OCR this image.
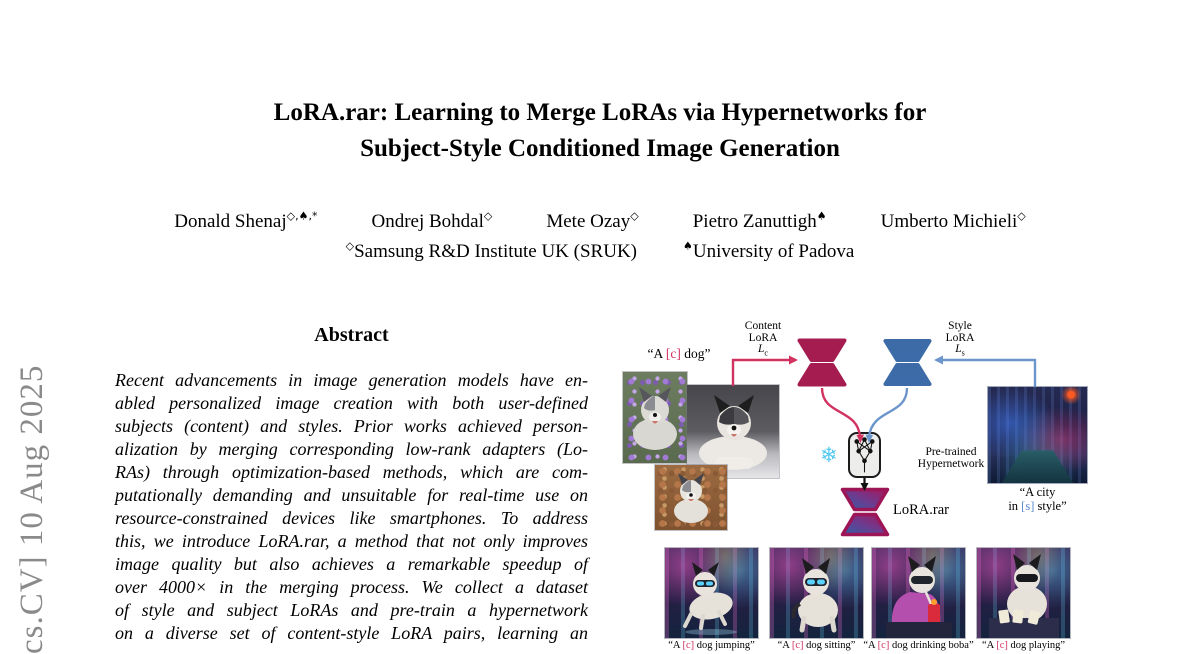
cs.CV] 10 Aug 2025
LoRA.rar: Learning to Merge LoRAs via Hypernetworks for
Subject-Style Conditioned Image Generation
Donald Shenaj◇,♠,*	Ondrej Bohdal◇	Mete Ozay◇	Pietro Zanuttigh♠	Umberto Michieli◇
◇Samsung R&D Institute UK (SRUK)	♠University of Padova
Abstract
Recent advancements in image generation models have en-
abled personalized image creation with both user-defined
subjects (content) and styles. Prior works achieved person-
alization by merging corresponding low-rank adapters (Lo-
RAs) through optimization-based methods, which are com-
putationally demanding and unsuitable for real-time use on
resource-constrained devices like smartphones. To address
this, we introduce LoRA.rar, a method that not only improves
image quality but also achieves a remarkable speedup of
over 4000× in the merging process. We collect a dataset
of style and subject LoRAs and pre-train a hypernetwork
on a diverse set of content-style LoRA pairs, learning an
“A [c] dog”
Content
LoRA
$L_c$
Style
LoRA
$L_s$
❄	Pre-trained
Hypernetwork
LoRA.rar
“A city
in [s] style”
“A [c] dog jumping”	“A [c] dog sitting” “A [c] dog drinking boba” “A [c] dog playing”
